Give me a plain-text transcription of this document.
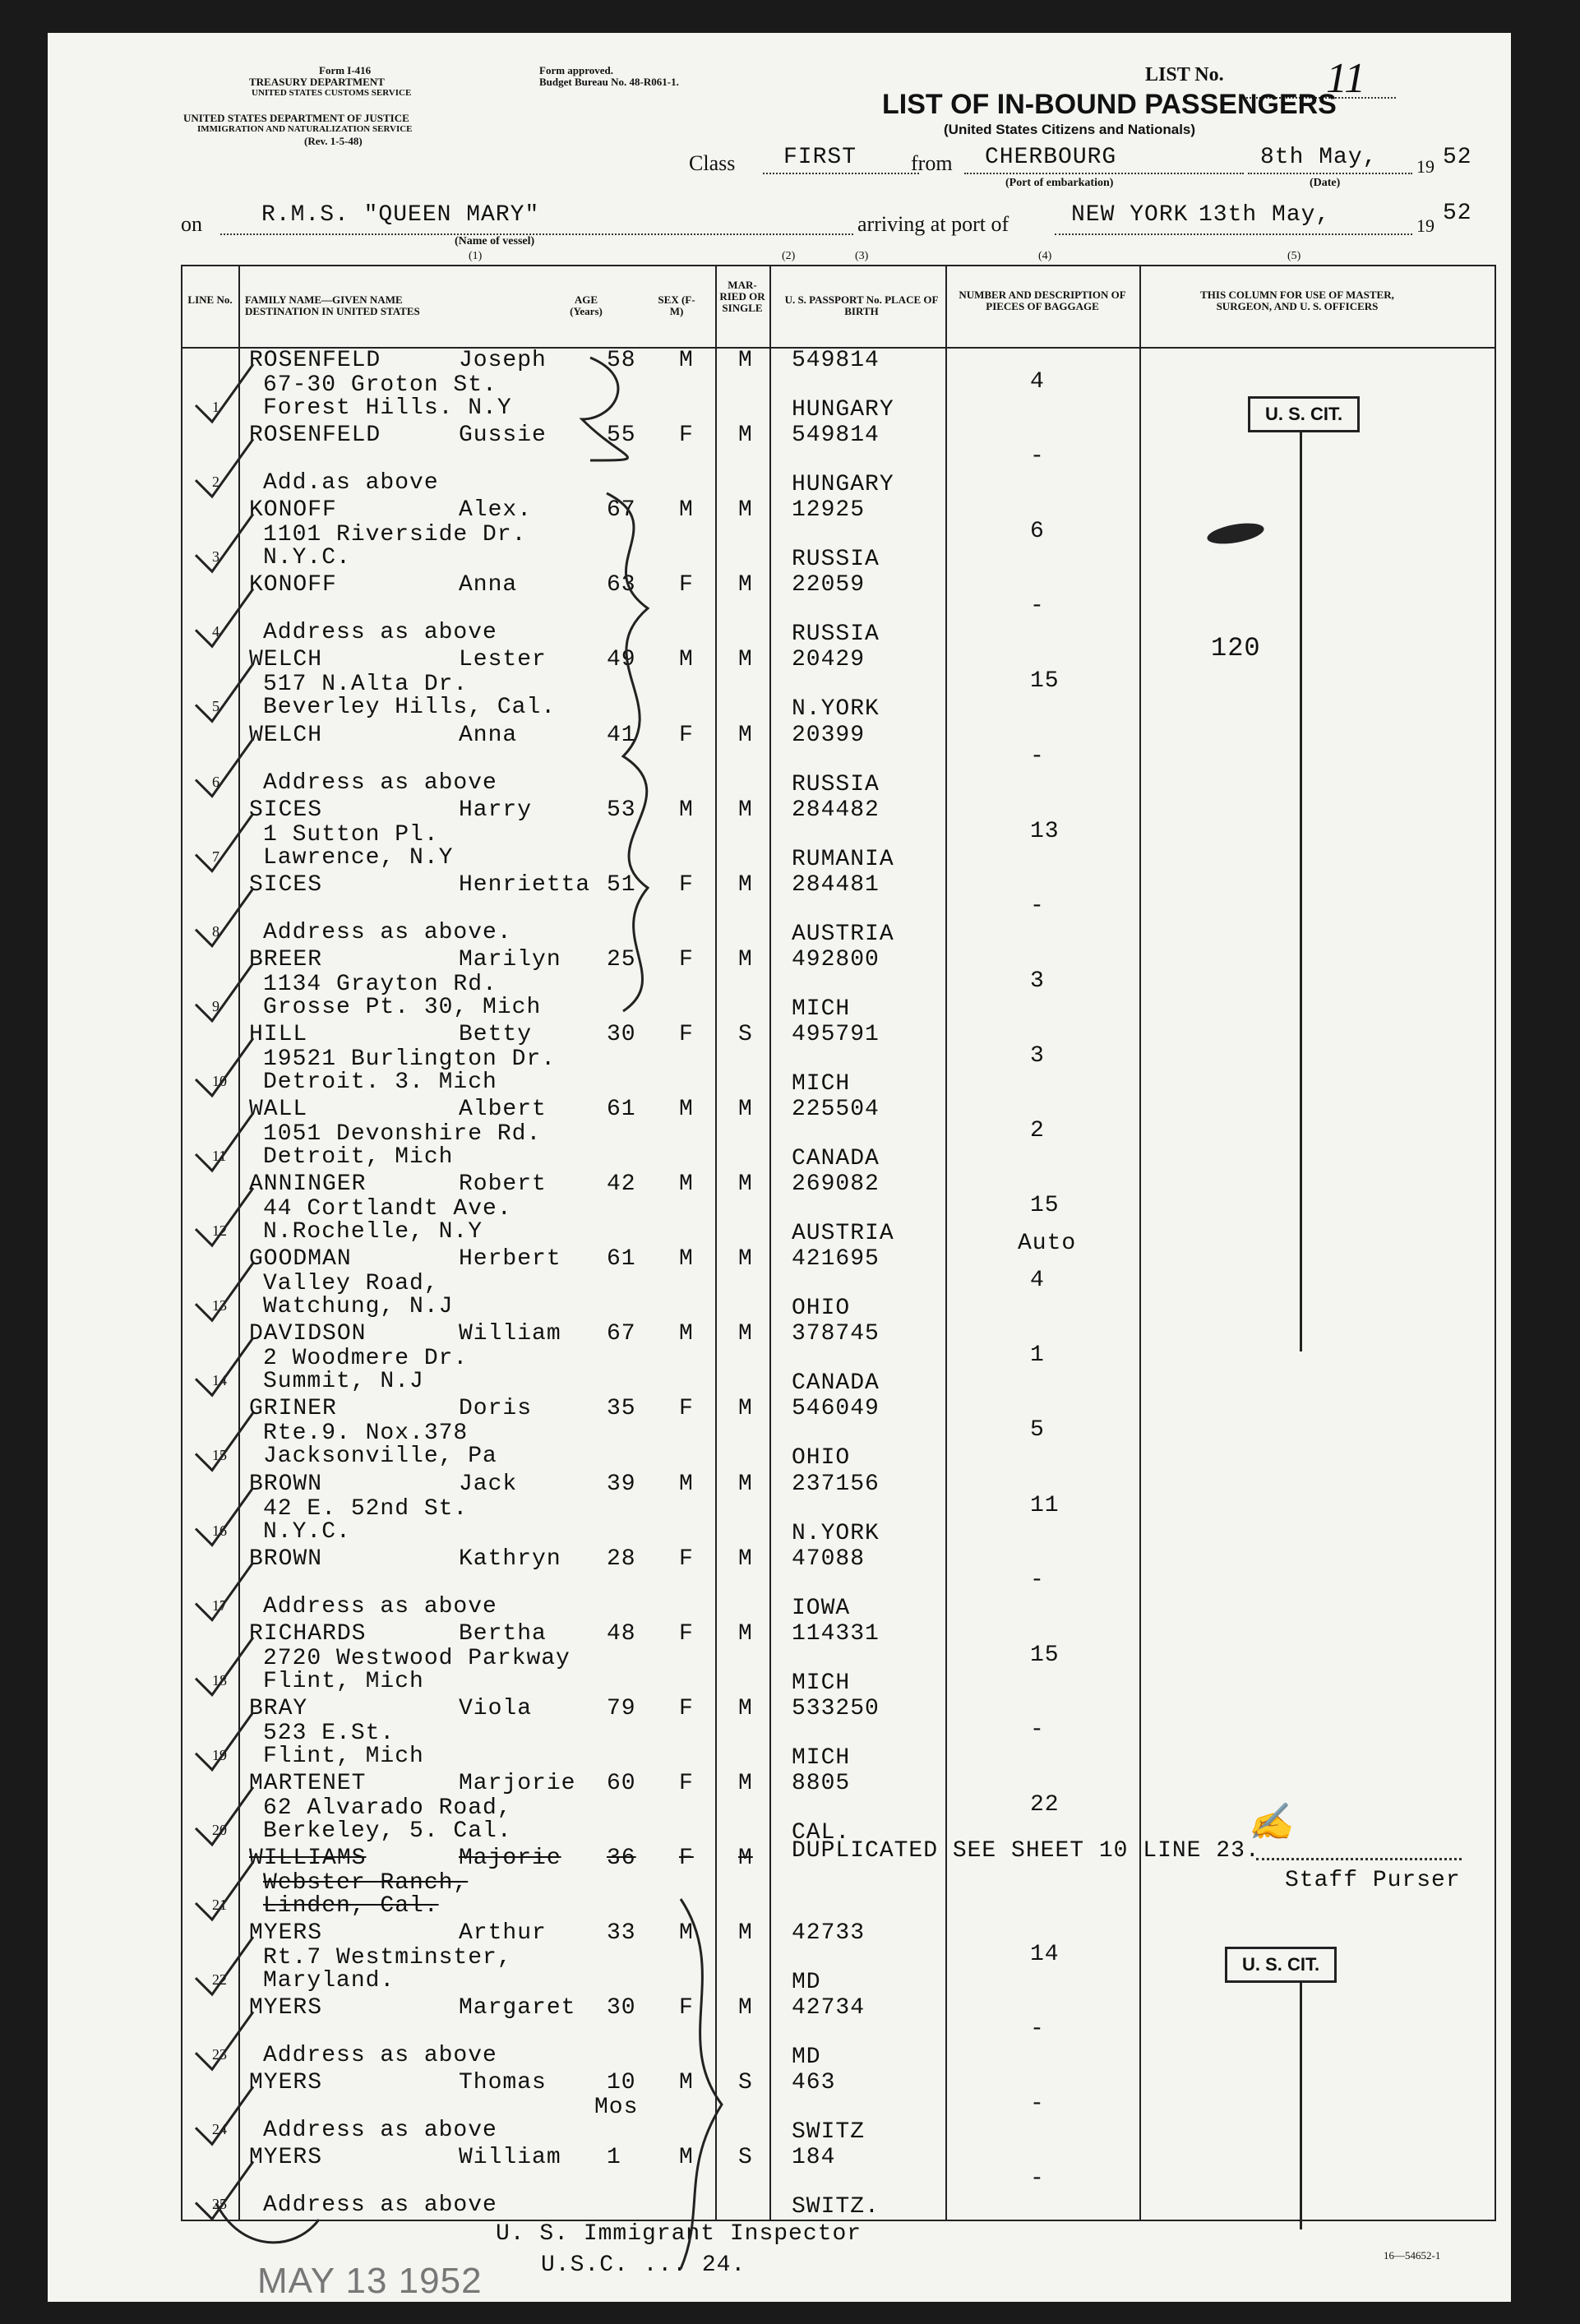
Form I-416
TREASURY DEPARTMENT
UNITED STATES CUSTOMS SERVICE
UNITED STATES DEPARTMENT OF JUSTICE
IMMIGRATION AND NATURALIZATION SERVICE
(Rev. 1-5-48)
Form approved.
Budget Bureau No. 48-R061-1.	LIST No. 11
LIST OF IN-BOUND PASSENGERS
(United States Citizens and Nationals)
Class FIRST	from CHERBOURG
(Port of embarkation)
8th May,
(Date)
19 52
on	R.M.S. "QUEEN MARY"
(Name of vessel)
arriving at port of	NEW YORK 13th May,	19 52
(1)	(2)	(3)	(4)	(5)
LINE No.	FAMILY NAME—GIVEN NAME DESTINATION IN UNITED STATES
AGE (Years)
SEX (F-M)
MAR- RIED OR SINGLE
U. S. PASSPORT No. PLACE OF BIRTH
NUMBER AND DESCRIPTION OF PIECES OF BAGGAGE
THIS COLUMN FOR USE OF MASTER, SURGEON, AND U. S. OFFICERS
1
ROSENFELD	Joseph
67-30 Groton St.
Forest Hills. N.Y
58 M M 549814
HUNGARY
4
2
ROSENFELD	Gussie
Add.as above
55 F M 549814
HUNGARY
-
3
KONOFF	Alex.
1101 Riverside Dr.
N.Y.C.
67 M M 12925
RUSSIA
6
4
KONOFF	Anna
Address as above
63 F M 22059
RUSSIA
-
5
WELCH	Lester
517 N.Alta Dr.
Beverley Hills, Cal.
49 M M 20429
N.YORK
15
6
WELCH	Anna
Address as above
41 F M 20399
RUSSIA
-
7
SICES	Harry
1 Sutton Pl.
Lawrence, N.Y
53 M M 284482
RUMANIA
13
8
SICES	Henrietta
Address as above.
51 F M 284481
AUSTRIA
-
9
BREER	Marilyn
1134 Grayton Rd.
Grosse Pt. 30, Mich
25 F M 492800
MICH
3
10
HILL	Betty
19521 Burlington Dr.
Detroit. 3. Mich
30 F S 495791
MICH
3
11
WALL	Albert
1051 Devonshire Rd.
Detroit, Mich
61 M M 225504
CANADA
2
12
ANNINGER	Robert
44 Cortlandt Ave.
N.Rochelle, N.Y
42 M M 269082
AUSTRIA
15
Auto
13
GOODMAN	Herbert
Valley Road,
Watchung, N.J
61 M M 421695
OHIO
4
14
DAVIDSON	William
2 Woodmere Dr.
Summit, N.J
67 M M 378745
CANADA
1
15
GRINER	Doris
Rte.9. Nox.378
Jacksonville, Pa
35 F M 546049
OHIO
5
16
BROWN	Jack
42 E. 52nd St.
N.Y.C.
39 M M 237156
N.YORK
11
17
BROWN	Kathryn
Address as above
28 F M 47088
IOWA
-
18
RICHARDS	Bertha
2720 Westwood Parkway
Flint, Mich
48 F M 114331
MICH
15
19
BRAY	Viola
523 E.St.
Flint, Mich
79 F M 533250
MICH
-
20
MARTENET	Marjorie
62 Alvarado Road,
Berkeley, 5. Cal.
60 F M 8805
CAL.
22
21
WILLIAMS	Majorie
Webster Ranch,
Linden, Cal.
36 F M
22
MYERS	Arthur
Rt.7 Westminster,
Maryland.
33 M M 42733
MD
14
23
MYERS	Margaret
Address as above
30 F M 42734
MD
-
24
MYERS	Thomas
Address as above
10
Mos
M S 463
SWITZ
-
25
MYERS	William
Address as above
1	M S 184
SWITZ.
-
U. S. CIT.
U. S. CIT.
120
DUPLICATED SEE SHEET 10 LINE 23.
✍
Staff Purser
U. S. Immigrant Inspector
U.S.C. ... 24.
MAY 13 1952
16—54652-1
